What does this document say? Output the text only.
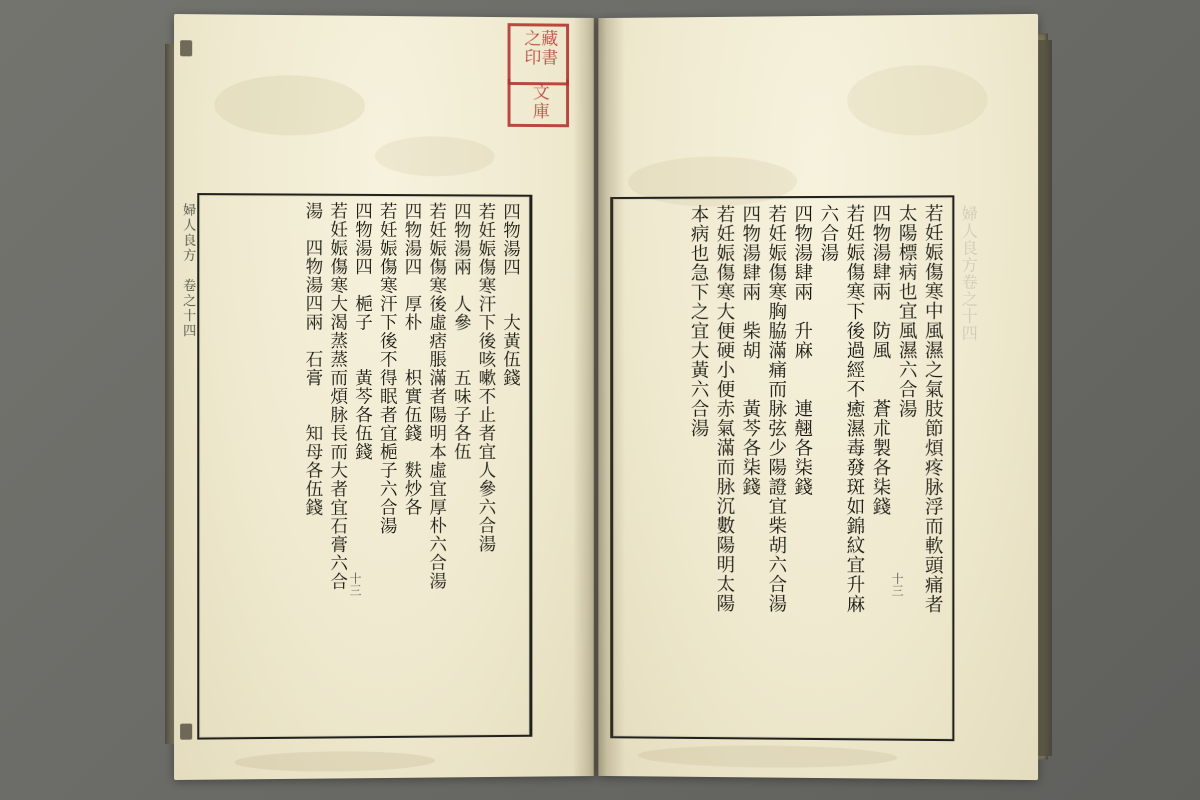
藏書之印
文庫
婦人良方　卷之十四
十三
四物湯四　　大黃伍錢
若妊娠傷寒汗下後咳嗽不止者宜人參六合湯
四物湯兩　人參　　五味子各伍
若妊娠傷寒後虛痞脹滿者陽明本虛宜厚朴六合湯
四物湯四　厚朴　　枳實伍錢　麩炒各
若妊娠傷寒汗下後不得眠者宜梔子六合湯
四物湯四　梔子　　黃芩各伍錢
若妊娠傷寒大渴蒸蒸而煩脉長而大者宜石膏六合
湯　四物湯四兩　石膏　　知母各伍錢	婦人良方卷之十四
十三 若妊娠傷寒中風濕之氣肢節煩疼脉浮而軟頭痛者
太陽標病也宜風濕六合湯
四物湯肆兩　防風　　蒼朮製各柒錢
若妊娠傷寒下後過經不癒濕毒發斑如錦紋宜升麻
六合湯
四物湯肆兩　升麻　　連翹各柒錢
若妊娠傷寒胸脇滿痛而脉弦少陽證宜柴胡六合湯
四物湯肆兩　柴胡　　黃芩各柒錢
若妊娠傷寒大便硬小便赤氣滿而脉沉數陽明太陽
本病也急下之宜大黃六合湯
